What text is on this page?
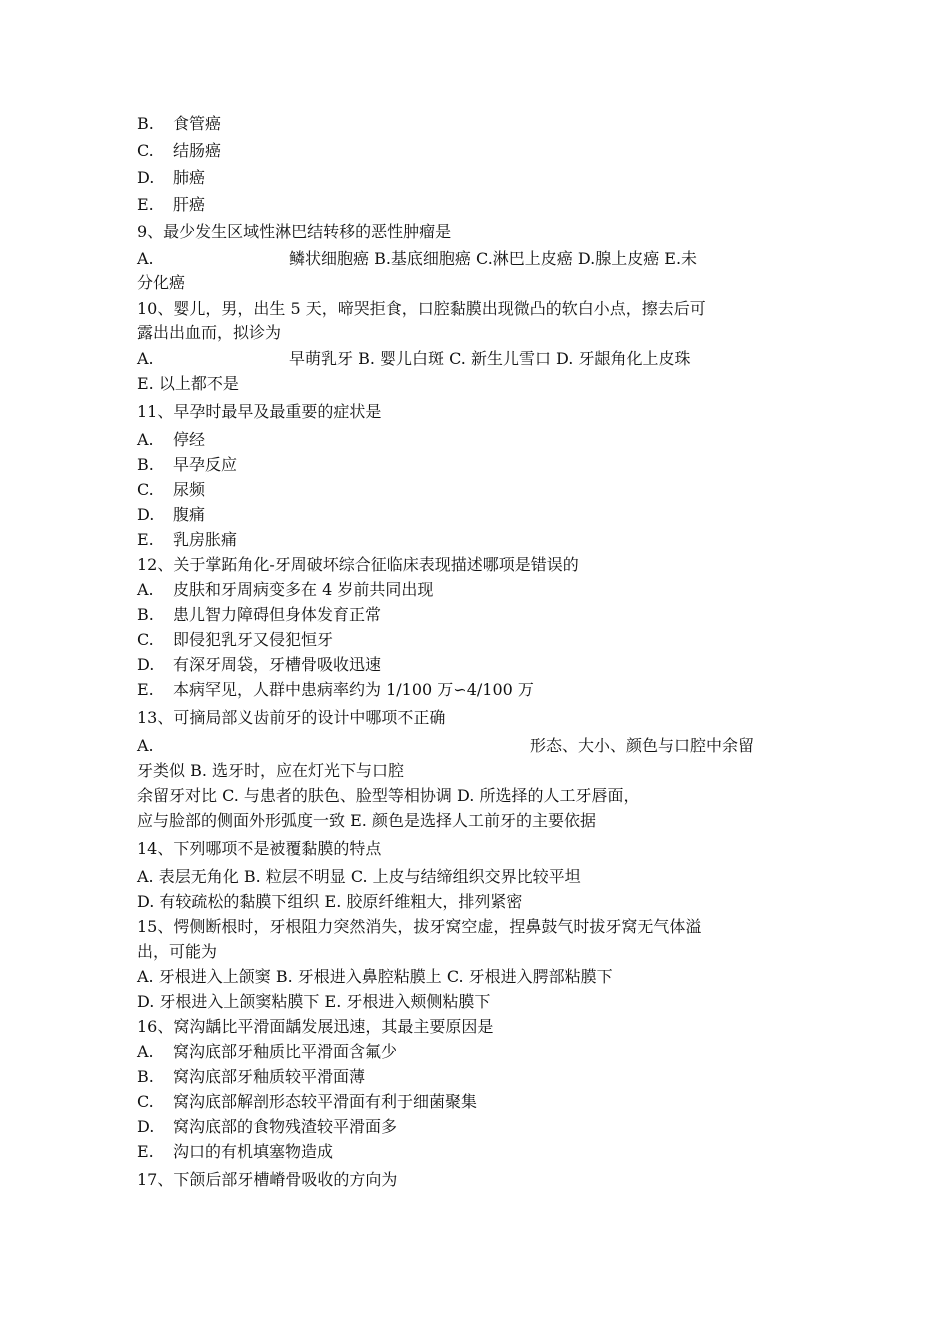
B. 食管癌
C. 结肠癌
D. 肺癌
E. 肝癌
9、最少发生区域性淋巴结转移的恶性肿瘤是
A.	鳞状细胞癌 B.基底细胞癌 C.淋巴上皮癌 D.腺上皮癌 E.未
分化癌
10、婴儿，男，出生 5 天，啼哭拒食，口腔黏膜出现微凸的软白小点，擦去后可
露出出血而，拟诊为
A.	早萌乳牙 B. 婴儿白斑 C. 新生儿雪口 D. 牙龈角化上皮珠
E. 以上都不是
11、早孕时最早及最重要的症状是
A. 停经
B. 早孕反应
C. 尿频
D. 腹痛
E. 乳房胀痛
12、关于掌跖角化-牙周破坏综合征临床表现描述哪项是错误的
A. 皮肤和牙周病变多在 4 岁前共同出现
B. 患儿智力障碍但身体发育正常
C. 即侵犯乳牙又侵犯恒牙
D. 有深牙周袋，牙槽骨吸收迅速
E. 本病罕见，人群中患病率约为 1/100 万∽4/100 万
13、可摘局部义齿前牙的设计中哪项不正确
A.	形态、大小、颜色与口腔中余留
牙类似 B. 选牙时，应在灯光下与口腔
余留牙对比 C. 与患者的肤色、脸型等相协调 D. 所选择的人工牙唇面，
应与脸部的侧面外形弧度一致 E. 颜色是选择人工前牙的主要依据
14、下列哪项不是被覆黏膜的特点
A. 表层无角化 B. 粒层不明显 C. 上皮与结缔组织交界比较平坦
D. 有较疏松的黏膜下组织 E. 胶原纤维粗大，排列紧密
15、愕侧断根时，牙根阻力突然消失，拔牙窝空虚，捏鼻鼓气时拔牙窝无气体溢
出，可能为
A. 牙根进入上颌窦 B. 牙根进入鼻腔粘膜上 C. 牙根进入腭部粘膜下
D. 牙根进入上颌窦粘膜下 E. 牙根进入颊侧粘膜下
16、窝沟龋比平滑面龋发展迅速，其最主要原因是
A. 窝沟底部牙釉质比平滑面含氟少
B. 窝沟底部牙釉质较平滑面薄
C. 窝沟底部解剖形态较平滑面有利于细菌聚集
D. 窝沟底部的食物残渣较平滑面多
E. 沟口的有机填塞物造成
17、下颌后部牙槽嵴骨吸收的方向为
